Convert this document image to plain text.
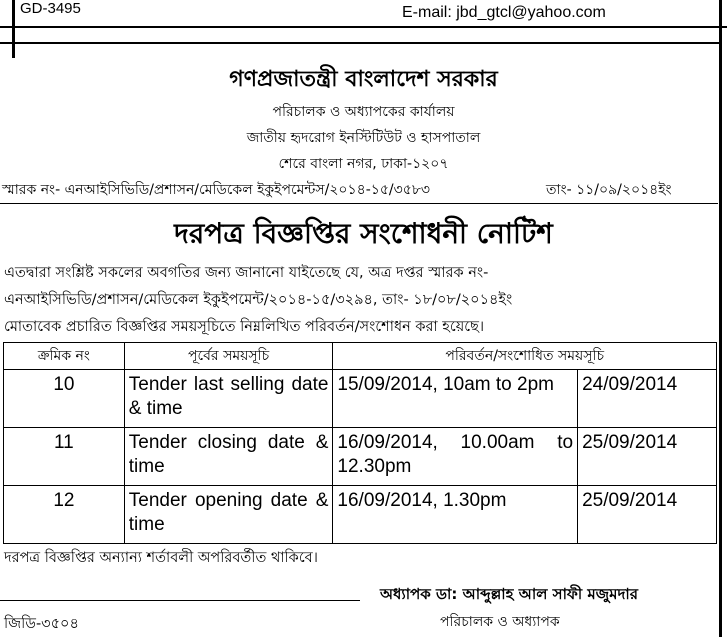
GD-3495	E-mail: jbd_gtcl@yahoo.com
গণপ্রজাতন্ত্রী বাংলাদেশ সরকার
পরিচালক ও অধ্যাপকের কার্যালয়
জাতীয় হৃদরোগ ইনস্টিটিউট ও হাসপাতাল
শেরে বাংলা নগর, ঢাকা-১২০৭
স্মারক নং- এনআইসিভিডি/প্রশাসন/মেডিকেল ইকুইপমেন্টস/২০১৪-১৫/৩৫৮৩	তাং- ১১/০৯/২০১৪ইং
দরপত্র বিজ্ঞপ্তির সংশোধনী নোটিশ
এতদ্বারা সংশ্লিষ্ট সকলের অবগতির জন্য জানানো যাইতেছে যে, অত্র দপ্তর স্মারক নং-
এনআইসিভিডি/প্রশাসন/মেডিকেল ইকুইপমেন্ট/২০১৪-১৫/৩২৯৪, তাং- ১৮/০৮/২০১৪ইং
মোতাবেক প্রচারিত বিজ্ঞপ্তির সময়সূচিতে নিম্নলিখিত পরিবর্তন/সংশোধন করা হয়েছে।
ক্রমিক নং	পূর্বের সময়সূচি	পরিবর্তন/সংশোধিত সময়সূচি	
10	Tender last selling date & time	15/09/2014, 10am to 2pm	24/09/2014
11	Tender closing date & time	16/09/2014, 10.00am to 12.30pm	25/09/2014
12	Tender opening date & time	16/09/2014, 1.30pm	25/09/2014
দরপত্র বিজ্ঞপ্তির অন্যান্য শর্তাবলী অপরিবর্তীত থাকিবে।
অধ্যাপক ডা: আব্দুল্লাহ আল সাফী মজুমদার
জিডি-৩৫০৪	পরিচালক ও অধ্যাপক
